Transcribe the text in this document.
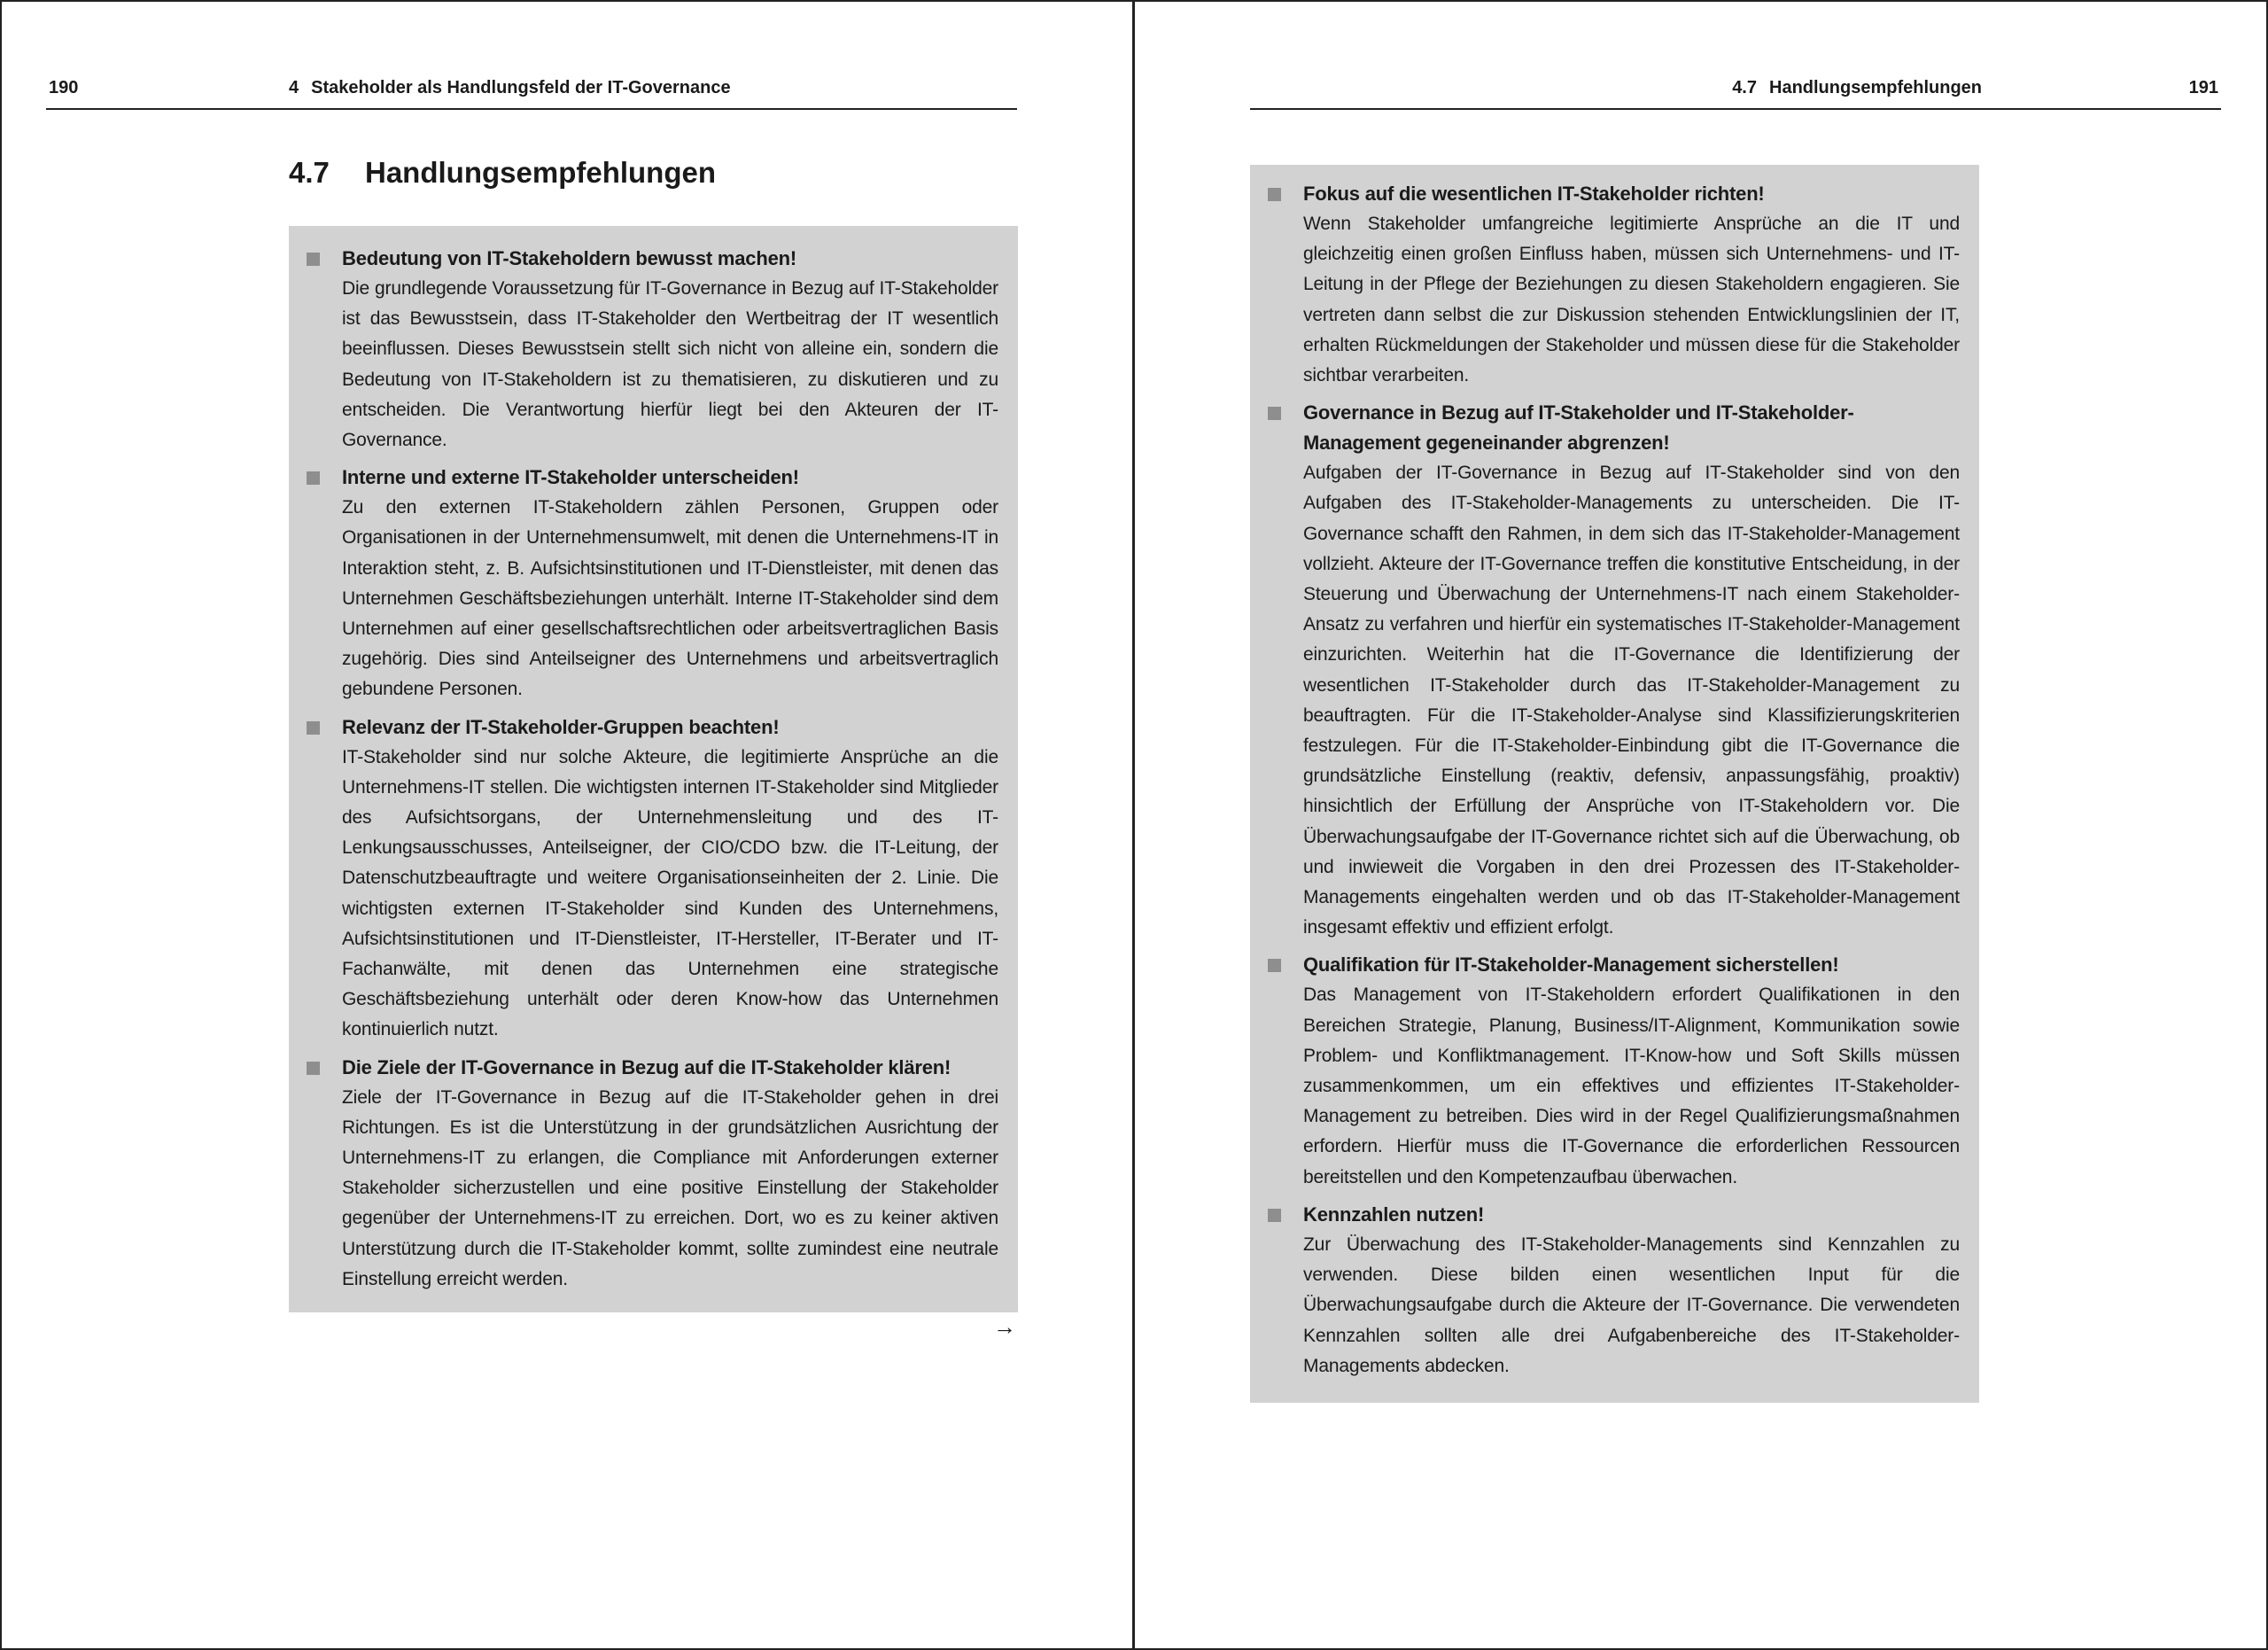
190	4 Stakeholder als Handlungsfeld der IT-Governance
4.7 Handlungsempfehlungen
Bedeutung von IT-Stakeholdern bewusst machen!
Die grundlegende Voraussetzung für IT-Governance in Bezug auf IT-Stakeholder ist das Bewusstsein, dass IT-Stakeholder den Wertbeitrag der IT wesentlich beeinflussen. Dieses Bewusstsein stellt sich nicht von alleine ein, sondern die Bedeutung von IT-Stakeholdern ist zu thematisieren, zu diskutieren und zu entscheiden. Die Verantwortung hierfür liegt bei den Akteuren der IT-Governance.
Interne und externe IT-Stakeholder unterscheiden!
Zu den externen IT-Stakeholdern zählen Personen, Gruppen oder Organisationen in der Unternehmensumwelt, mit denen die Unternehmens-IT in Interaktion steht, z. B. Aufsichtsinstitutionen und IT-Dienstleister, mit denen das Unternehmen Geschäftsbeziehungen unterhält. Interne IT-Stakeholder sind dem Unternehmen auf einer gesellschaftsrechtlichen oder arbeitsvertraglichen Basis zugehörig. Dies sind Anteilseigner des Unternehmens und arbeitsvertraglich gebundene Personen.
Relevanz der IT-Stakeholder-Gruppen beachten!
IT-Stakeholder sind nur solche Akteure, die legitimierte Ansprüche an die Unternehmens-IT stellen. Die wichtigsten internen IT-Stakeholder sind Mitglieder des Aufsichtsorgans, der Unternehmensleitung und des IT-Lenkungsausschusses, Anteilseigner, der CIO/CDO bzw. die IT-Leitung, der Datenschutzbeauftragte und weitere Organisationseinheiten der 2. Linie. Die wichtigsten externen IT-Stakeholder sind Kunden des Unternehmens, Aufsichtsinstitutionen und IT-Dienstleister, IT-Hersteller, IT-Berater und IT-Fachanwälte, mit denen das Unternehmen eine strategische Geschäftsbeziehung unterhält oder deren Know-how das Unternehmen kontinuierlich nutzt.
Die Ziele der IT-Governance in Bezug auf die IT-Stakeholder klären!
Ziele der IT-Governance in Bezug auf die IT-Stakeholder gehen in drei Richtungen. Es ist die Unterstützung in der grundsätzlichen Ausrichtung der Unternehmens-IT zu erlangen, die Compliance mit Anforderungen externer Stakeholder sicherzustellen und eine positive Einstellung der Stakeholder gegenüber der Unternehmens-IT zu erreichen. Dort, wo es zu keiner aktiven Unterstützung durch die IT-Stakeholder kommt, sollte zumindest eine neutrale Einstellung erreicht werden.
→
4.7 Handlungsempfehlungen	191
Fokus auf die wesentlichen IT-Stakeholder richten!
Wenn Stakeholder umfangreiche legitimierte Ansprüche an die IT und gleichzeitig einen großen Einfluss haben, müssen sich Unternehmens- und IT-Leitung in der Pflege der Beziehungen zu diesen Stakeholdern engagieren. Sie vertreten dann selbst die zur Diskussion stehenden Entwicklungslinien der IT, erhalten Rückmeldungen der Stakeholder und müssen diese für die Stakeholder sichtbar verarbeiten.
Governance in Bezug auf IT-Stakeholder und IT-Stakeholder-Management gegeneinander abgrenzen!
Aufgaben der IT-Governance in Bezug auf IT-Stakeholder sind von den Aufgaben des IT-Stakeholder-Managements zu unterscheiden. Die IT-Governance schafft den Rahmen, in dem sich das IT-Stakeholder-Management vollzieht. Akteure der IT-Governance treffen die konstitutive Entscheidung, in der Steuerung und Überwachung der Unternehmens-IT nach einem Stakeholder-Ansatz zu verfahren und hierfür ein systematisches IT-Stakeholder-Management einzurichten. Weiterhin hat die IT-Governance die Identifizierung der wesentlichen IT-Stakeholder durch das IT-Stakeholder-Management zu beauftragten. Für die IT-Stakeholder-Analyse sind Klassifizierungskriterien festzulegen. Für die IT-Stakeholder-Einbindung gibt die IT-Governance die grundsätzliche Einstellung (reaktiv, defensiv, anpassungsfähig, proaktiv) hinsichtlich der Erfüllung der Ansprüche von IT-Stakeholdern vor. Die Überwachungsaufgabe der IT-Governance richtet sich auf die Überwachung, ob und inwieweit die Vorgaben in den drei Prozessen des IT-Stakeholder-Managements eingehalten werden und ob das IT-Stakeholder-Management insgesamt effektiv und effizient erfolgt.
Qualifikation für IT-Stakeholder-Management sicherstellen!
Das Management von IT-Stakeholdern erfordert Qualifikationen in den Bereichen Strategie, Planung, Business/IT-Alignment, Kommunikation sowie Problem- und Konfliktmanagement. IT-Know-how und Soft Skills müssen zusammenkommen, um ein effektives und effizientes IT-Stakeholder-Management zu betreiben. Dies wird in der Regel Qualifizierungsmaßnahmen erfordern. Hierfür muss die IT-Governance die erforderlichen Ressourcen bereitstellen und den Kompetenzaufbau überwachen.
Kennzahlen nutzen!
Zur Überwachung des IT-Stakeholder-Managements sind Kennzahlen zu verwenden. Diese bilden einen wesentlichen Input für die Überwachungsaufgabe durch die Akteure der IT-Governance. Die verwendeten Kennzahlen sollten alle drei Aufgabenbereiche des IT-Stakeholder-Managements abdecken.
